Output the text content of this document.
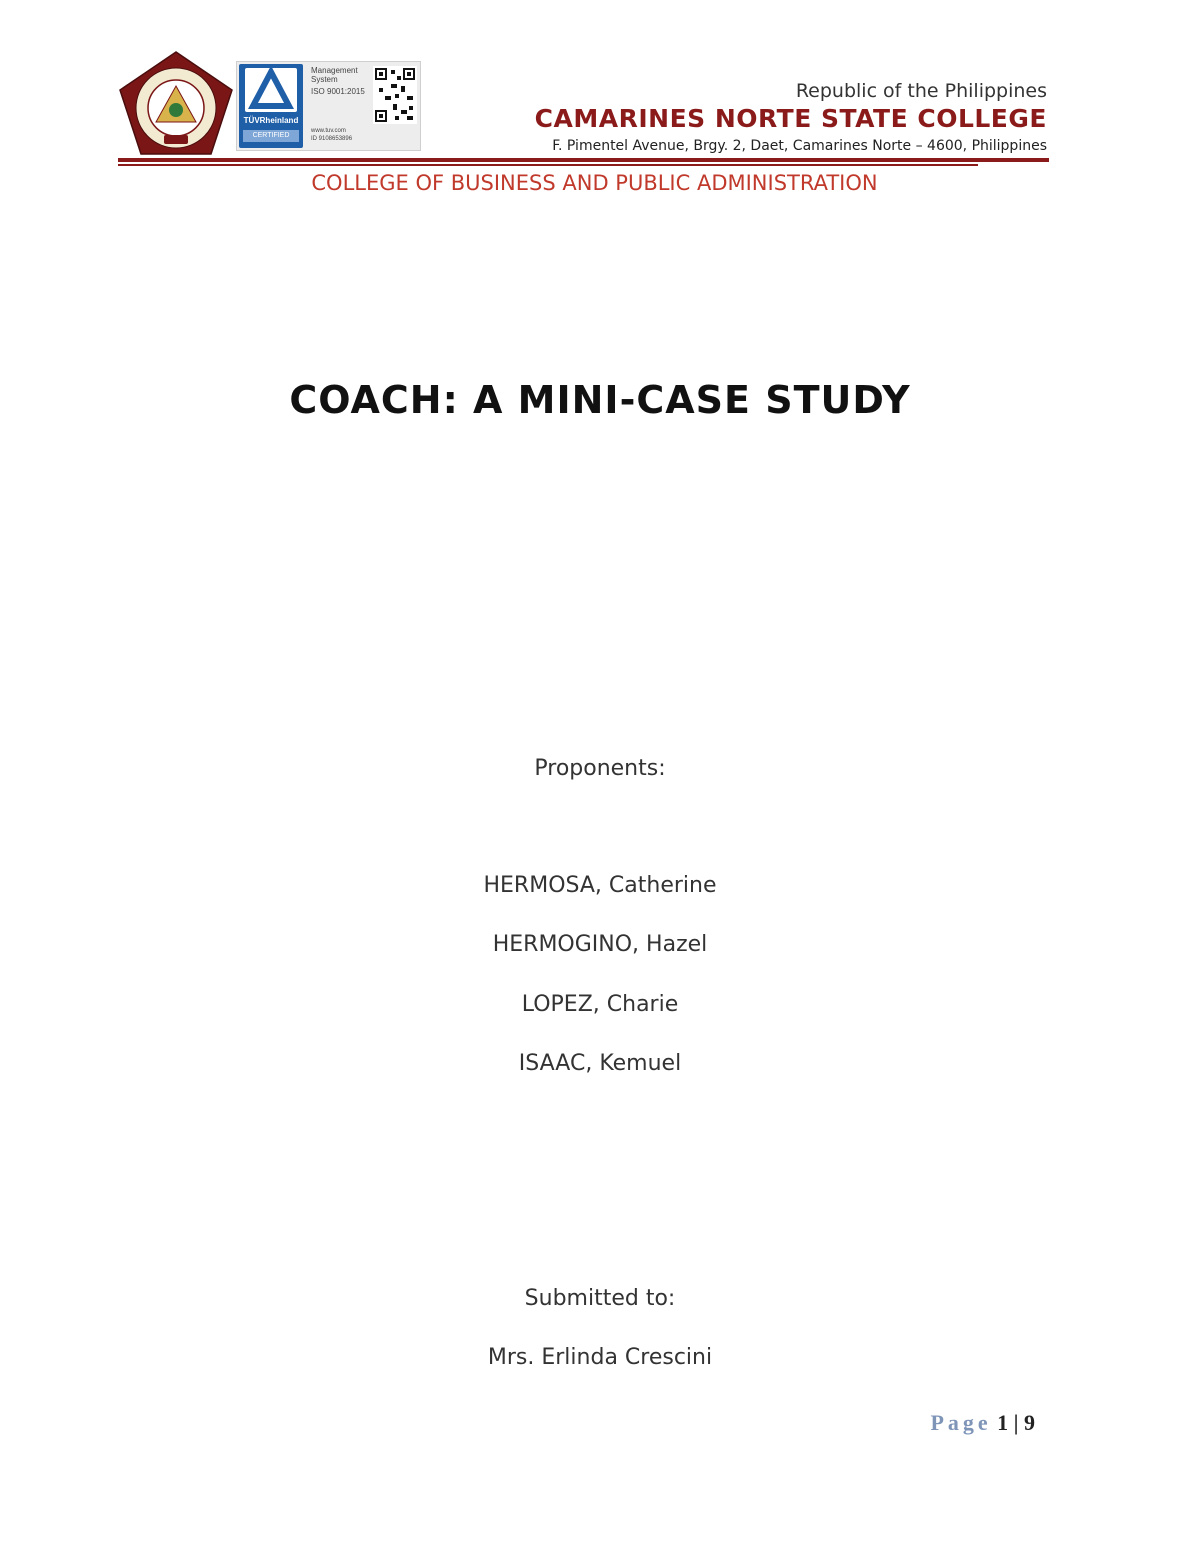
TÜVRheinland
CERTIFIED
Management
System
ISO 9001:2015
www.tuv.com
ID 9108653896
Republic of the Philippines
CAMARINES NORTE STATE COLLEGE
F. Pimentel Avenue, Brgy. 2, Daet, Camarines Norte – 4600, Philippines
COLLEGE OF BUSINESS AND PUBLIC ADMINISTRATION
COACH: A MINI-CASE STUDY
Proponents:
HERMOSA, Catherine
HERMOGINO, Hazel
LOPEZ, Charie
ISAAC, Kemuel
Submitted to:
Mrs. Erlinda Crescini
Page 1 | 9
